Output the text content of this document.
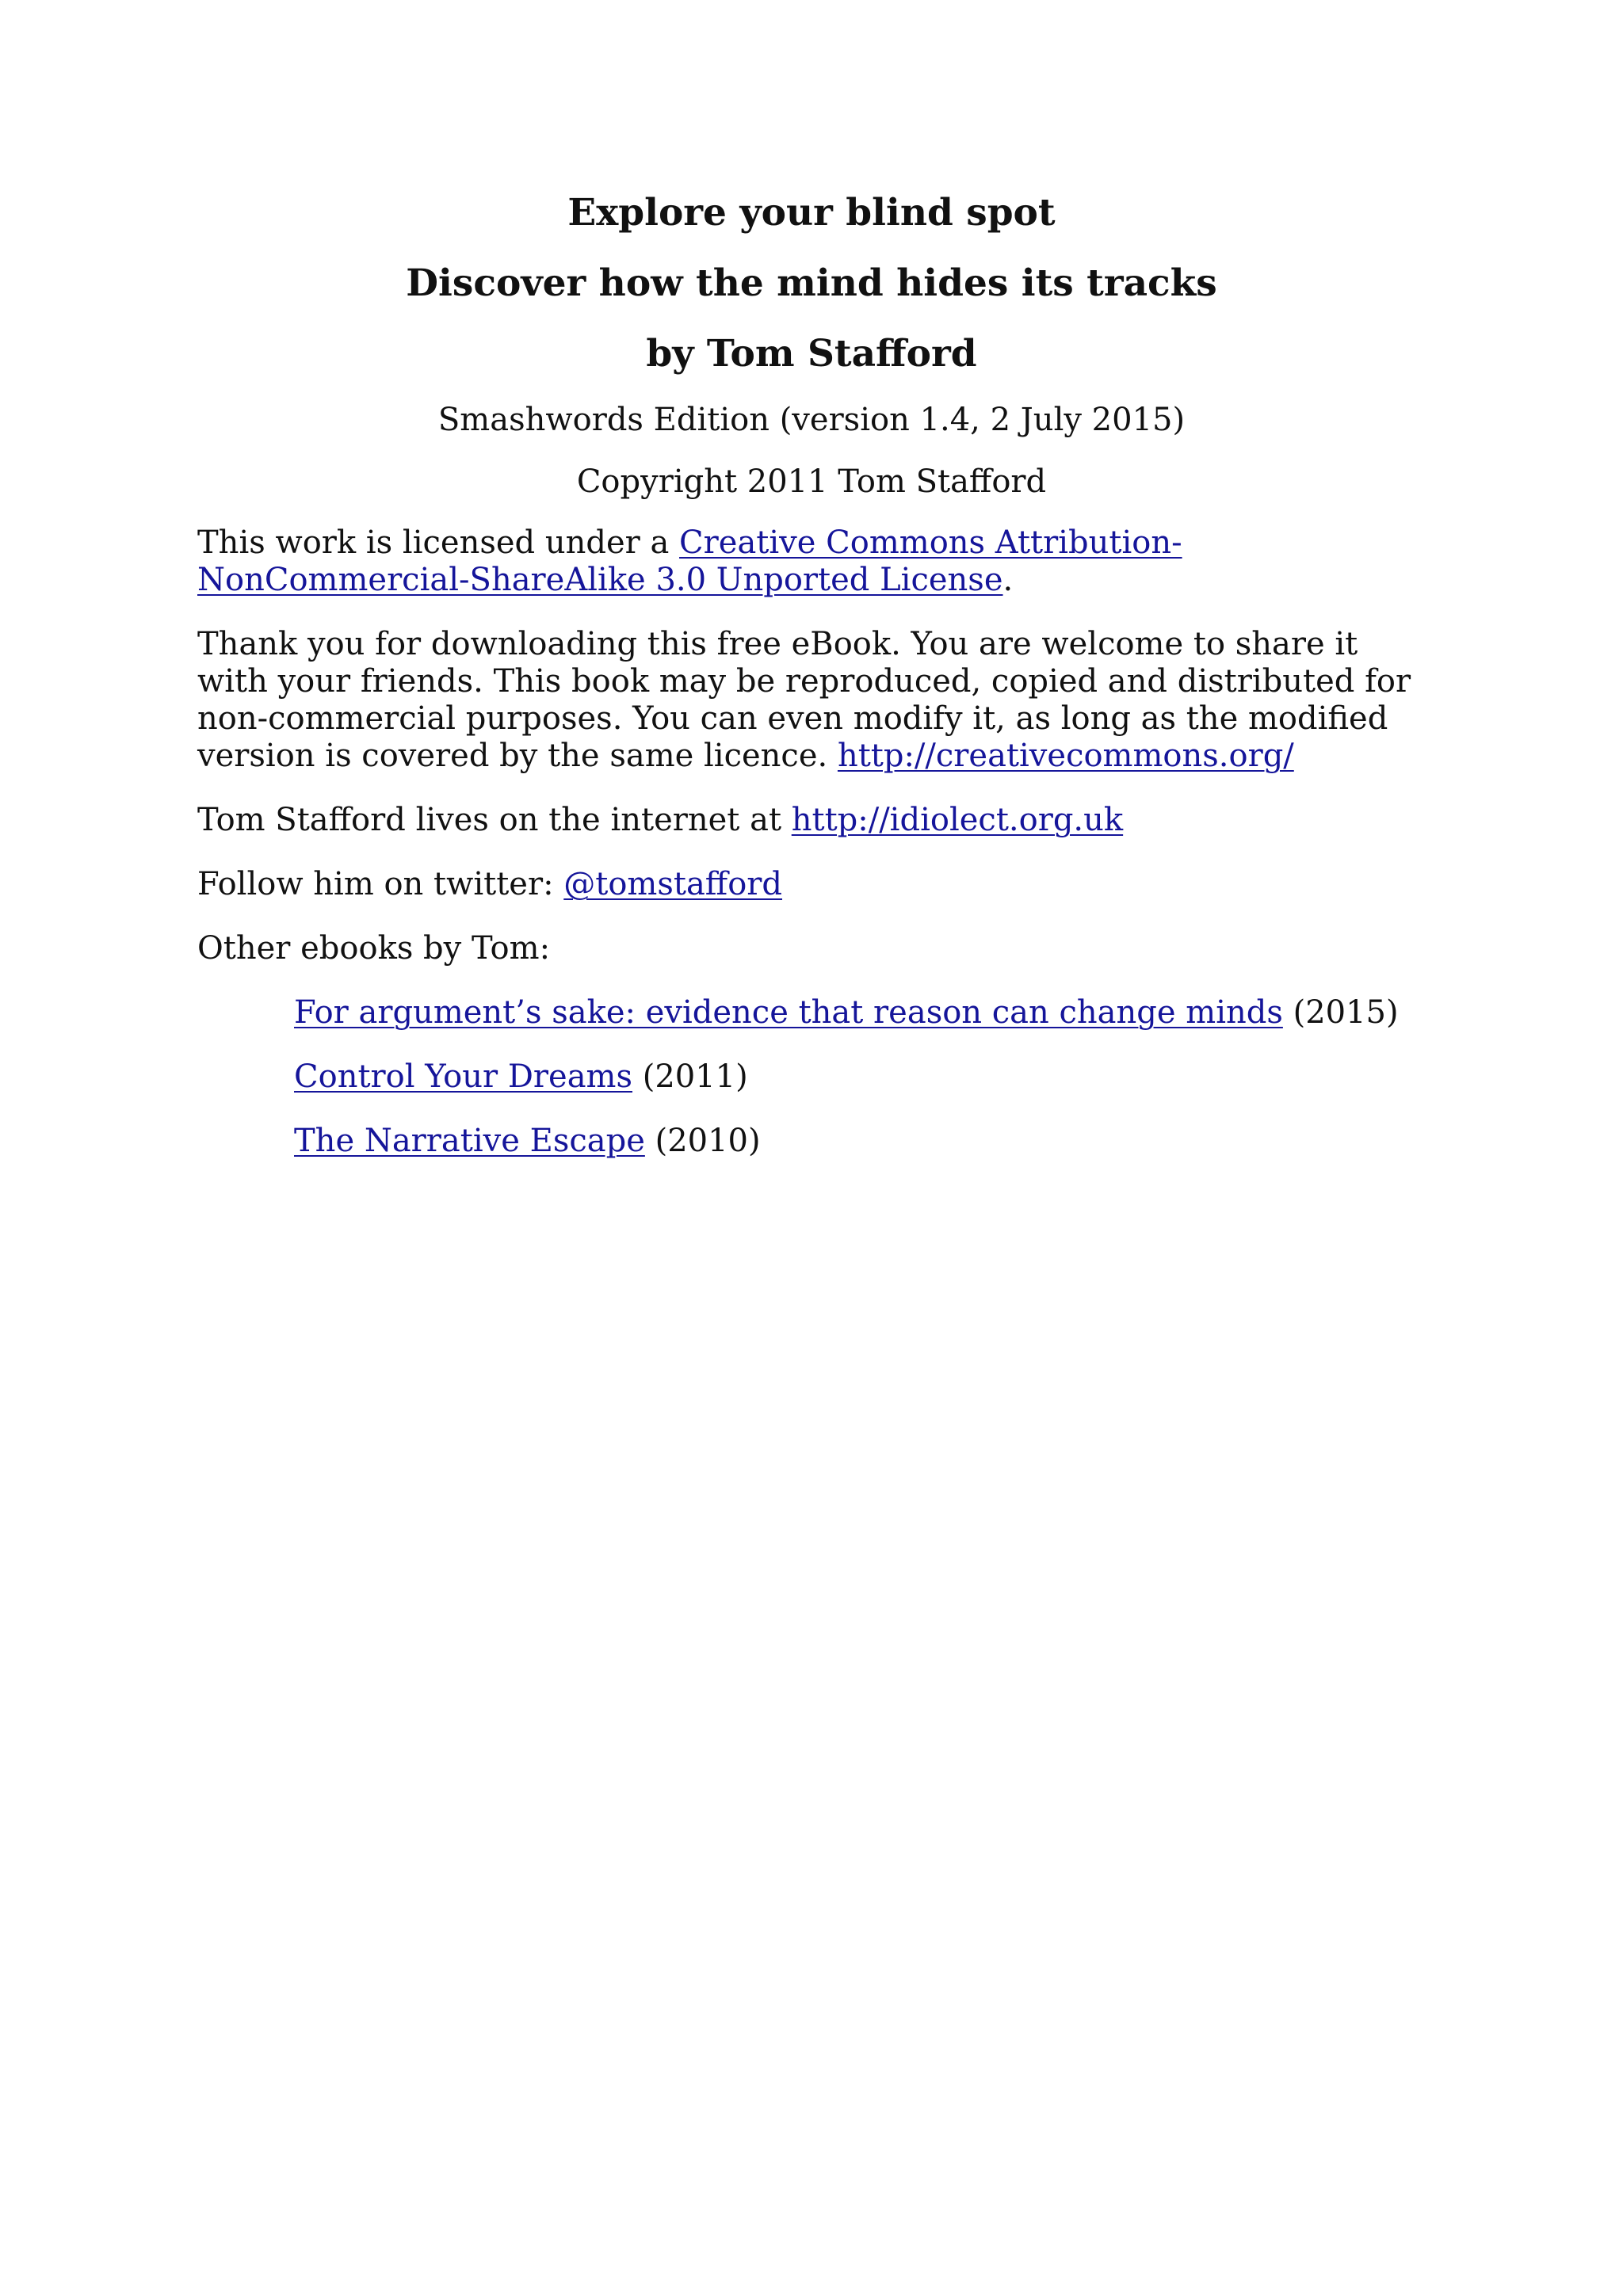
Explore your blind spot
Discover how the mind hides its tracks
by Tom Stafford
Smashwords Edition (version 1.4, 2 July 2015)
Copyright 2011 Tom Stafford

This work is licensed under a Creative Commons Attribution-NonCommercial-ShareAlike 3.0 Unported License.

Thank you for downloading this free eBook. You are welcome to share it with your friends. This book may be reproduced, copied and distributed for non-commercial purposes. You can even modify it, as long as the modified version is covered by the same licence. http://creativecommons.org/

Tom Stafford lives on the internet at http://idiolect.org.uk

Follow him on twitter: @tomstafford

Other ebooks by Tom:

For argument’s sake: evidence that reason can change minds (2015)

Control Your Dreams (2011)

The Narrative Escape (2010)
